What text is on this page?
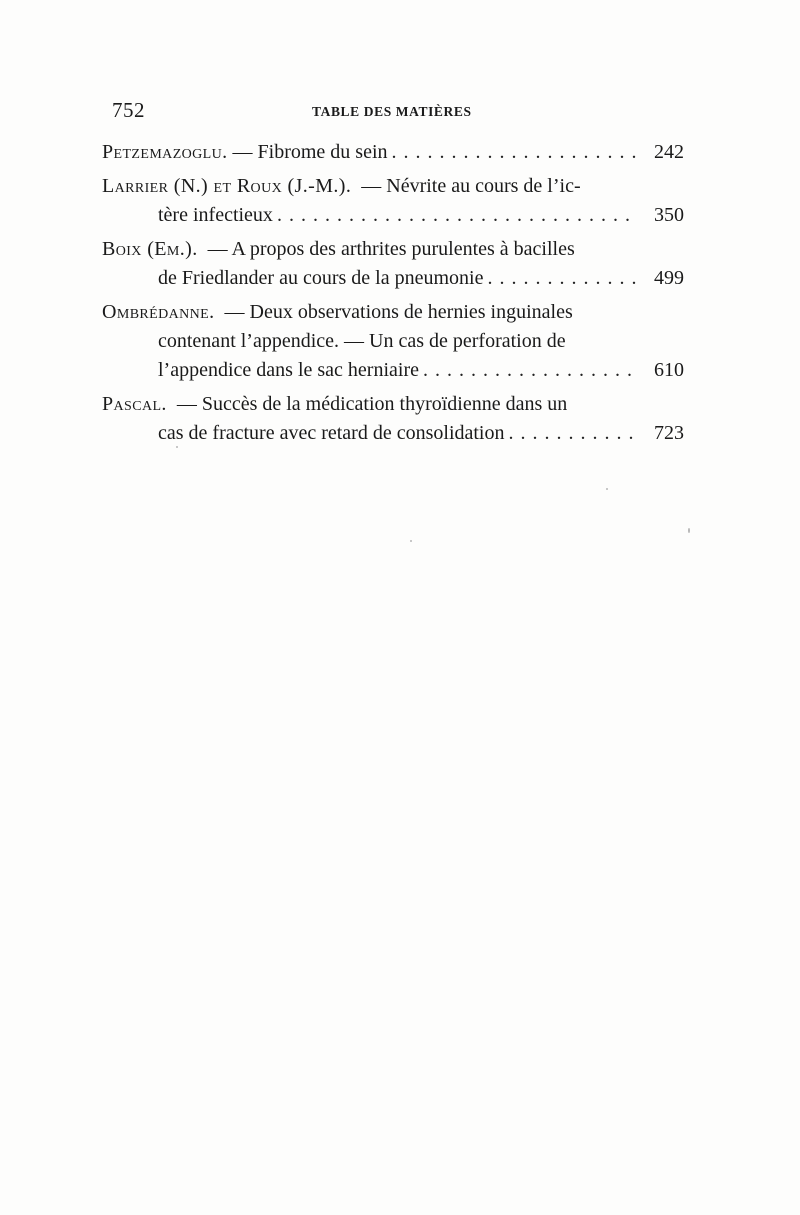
752	TABLE DES MATIÈRES
Petzemazoglu. — Fibrome du sein . . .	242
Larrier (N.) et Roux (J.-M.). — Névrite au cours de l’ic-
tère infectieux . . .	350
Boix (Em.). — A propos des arthrites purulentes à bacilles
de Friedlander au cours de la pneumonie . . .	499
Ombrédanne. — Deux observations de hernies inguinales
contenant l’appendice. — Un cas de perforation de
l’appendice dans le sac herniaire . . .	610
Pascal. — Succès de la médication thyroïdienne dans un
cas de fracture avec retard de consolidation . . .	723
